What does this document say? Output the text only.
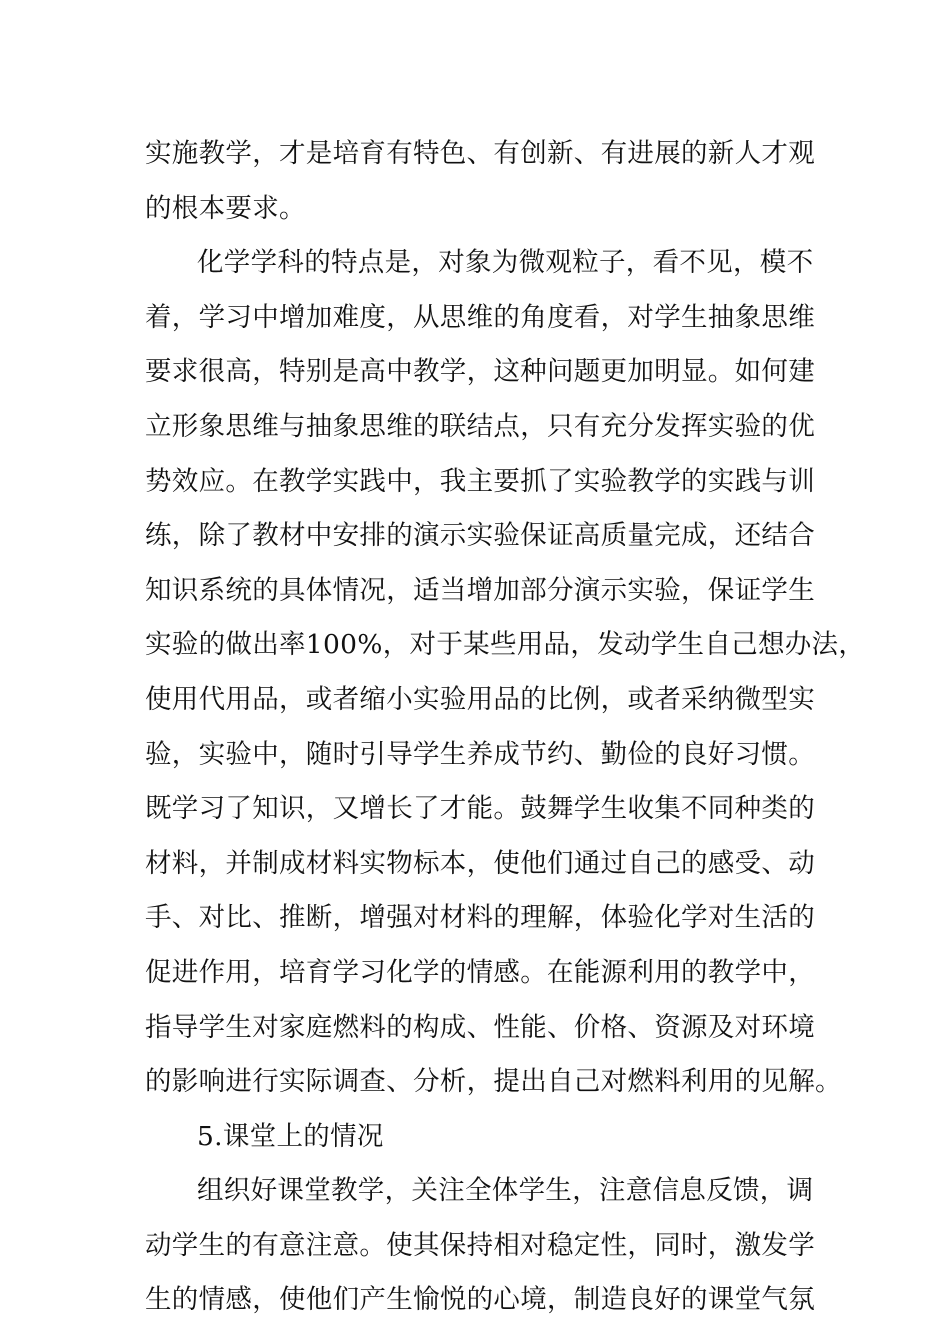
实施教学，才是培育有特色、有创新、有进展的新人才观
的根本要求。
化学学科的特点是，对象为微观粒子，看不见，模不
着，学习中增加难度，从思维的角度看，对学生抽象思维
要求很高，特别是高中教学，这种问题更加明显。如何建
立形象思维与抽象思维的联结点，只有充分发挥实验的优
势效应。在教学实践中，我主要抓了实验教学的实践与训
练，除了教材中安排的演示实验保证高质量完成，还结合
知识系统的具体情况，适当增加部分演示实验，保证学生
实验的做出率100%，对于某些用品，发动学生自己想办法，
使用代用品，或者缩小实验用品的比例，或者采纳微型实
验，实验中，随时引导学生养成节约、勤俭的良好习惯。
既学习了知识，又增长了才能。鼓舞学生收集不同种类的
材料，并制成材料实物标本，使他们通过自己的感受、动
手、对比、推断，增强对材料的理解，体验化学对生活的
促进作用，培育学习化学的情感。在能源利用的教学中，
指导学生对家庭燃料的构成、性能、价格、资源及对环境
的影响进行实际调查、分析，提出自己对燃料利用的见解。
5.课堂上的情况
组织好课堂教学，关注全体学生，注意信息反馈，调
动学生的有意注意。使其保持相对稳定性，同时，激发学
生的情感，使他们产生愉悦的心境，制造良好的课堂气氛
